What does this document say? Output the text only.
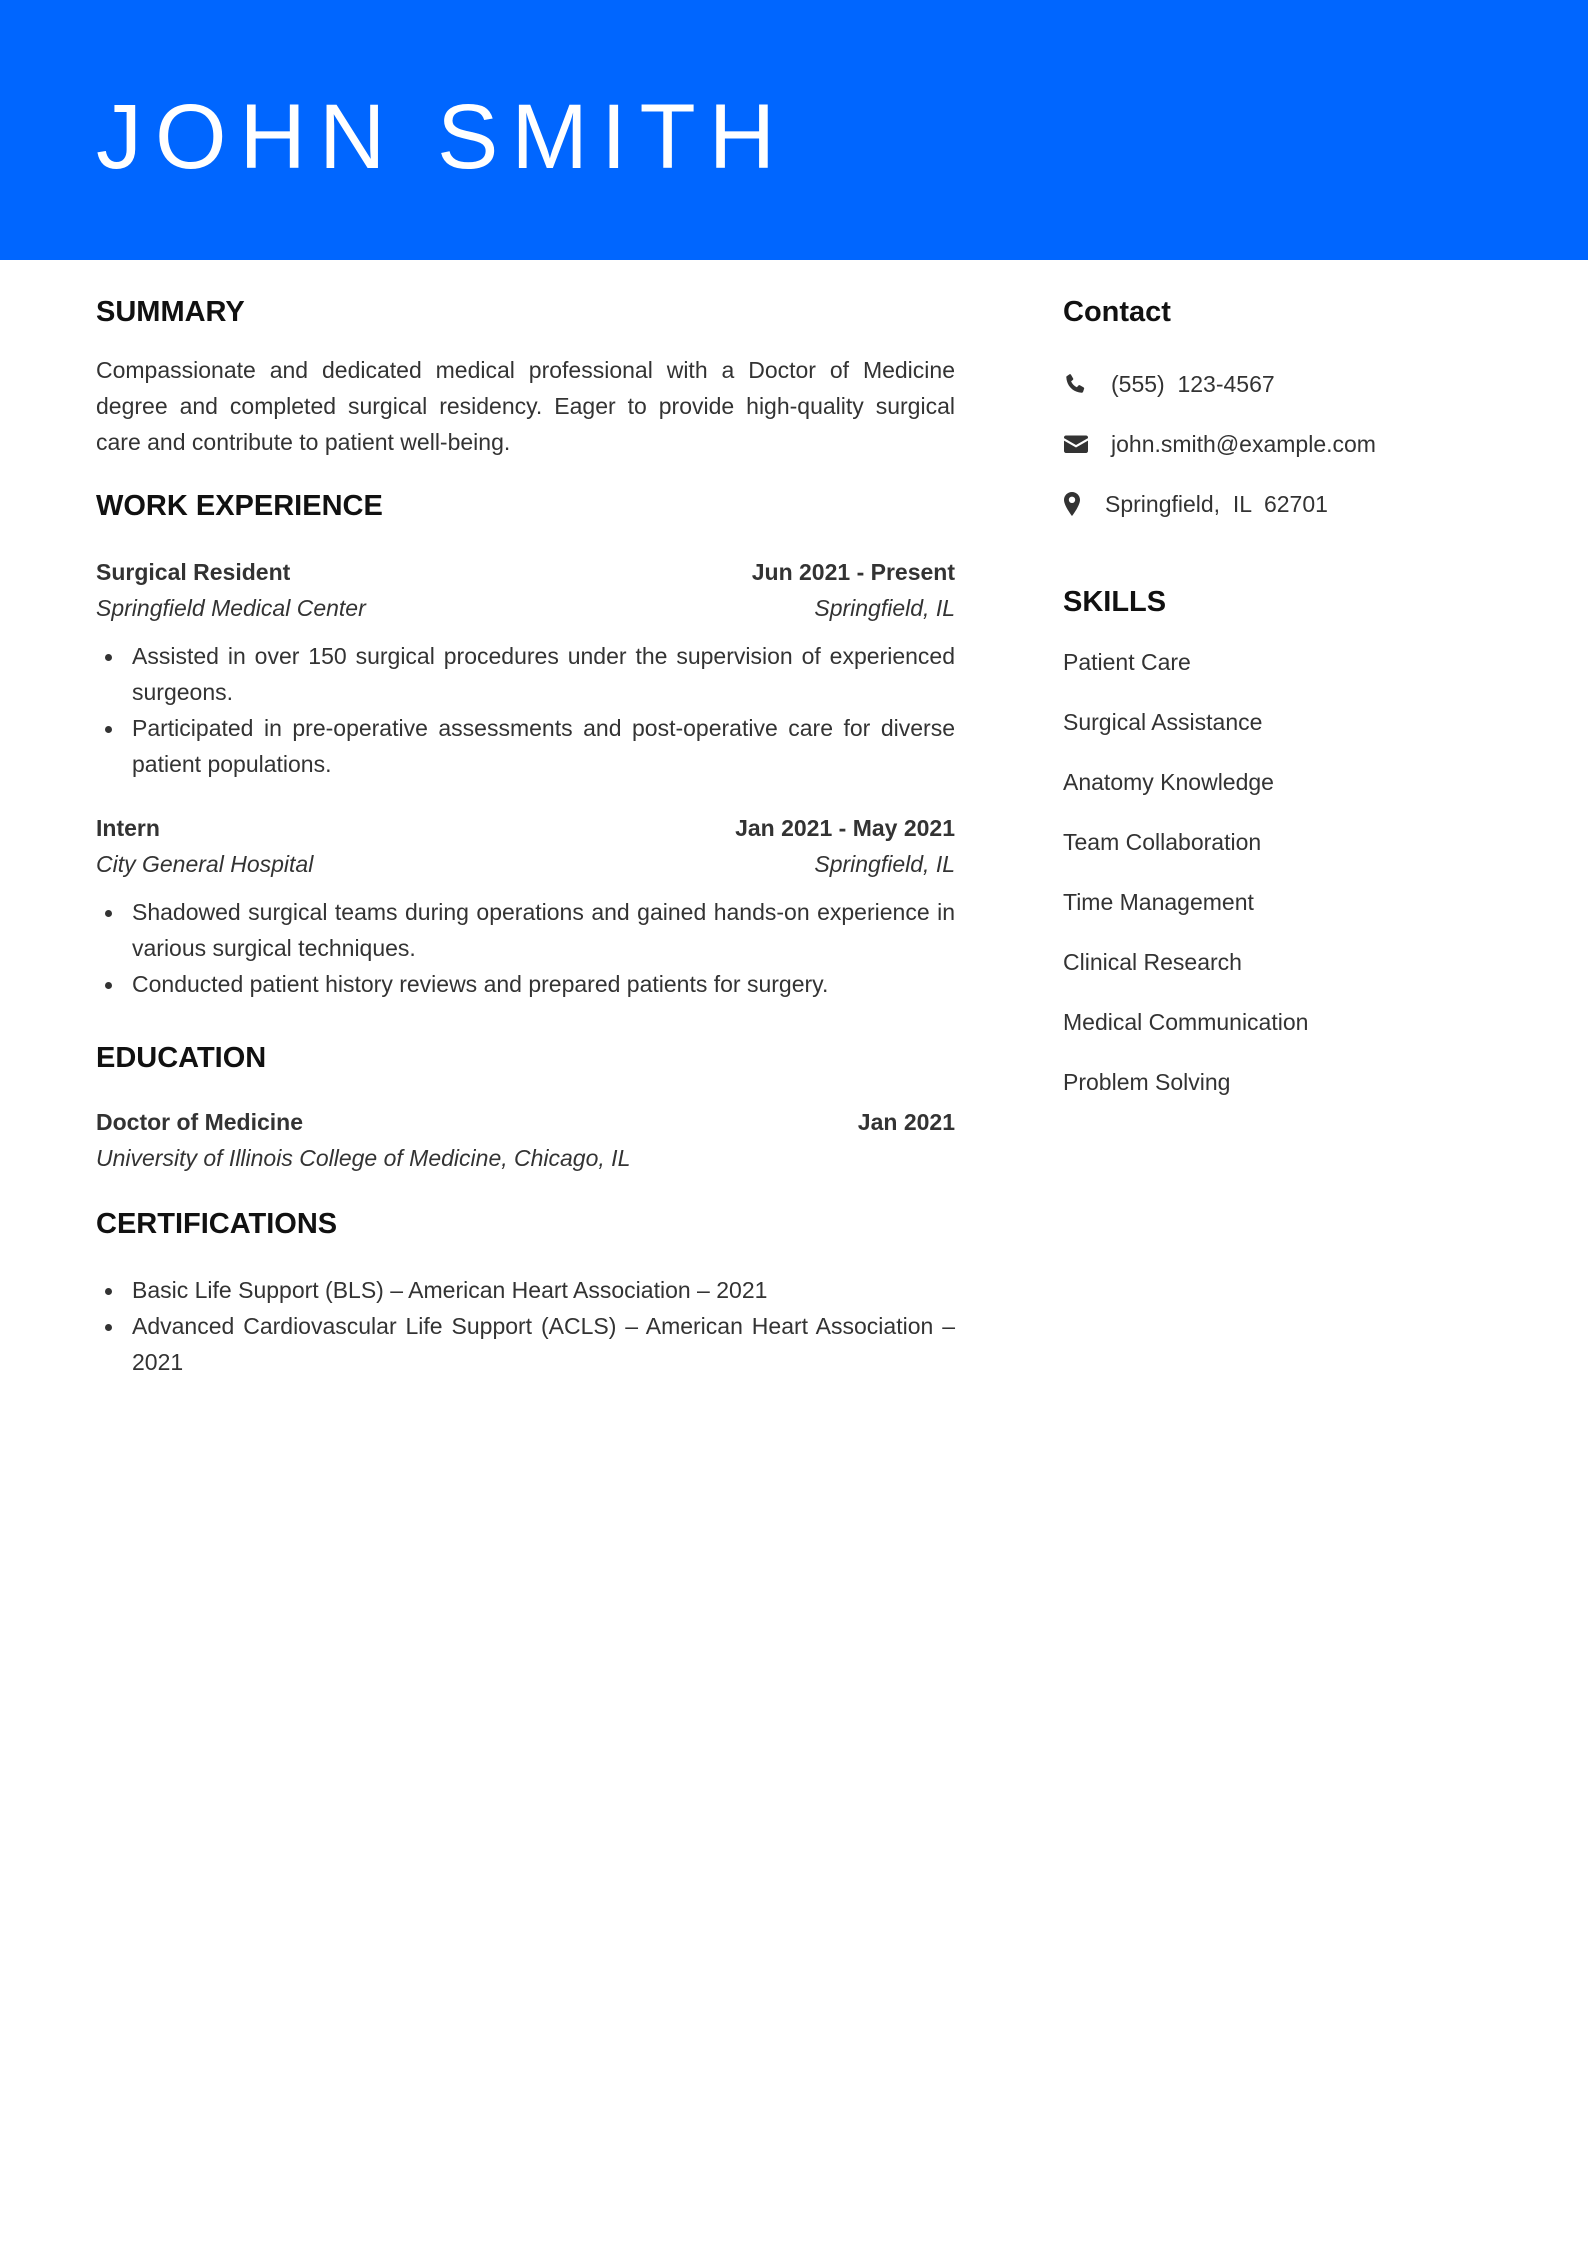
JOHN SMITH
SUMMARY

Compassionate and dedicated medical professional with a Doctor of Medicine degree and completed surgical residency. Eager to provide high-quality surgical care and contribute to patient well-being.

WORK EXPERIENCE
Surgical Resident	Jun 2021 - Present
Springfield Medical Center	Springfield, IL
Assisted in over 150 surgical procedures under the supervision of experienced surgeons.
Participated in pre-operative assessments and post-operative care for diverse patient populations.
Intern	Jan 2021 - May 2021
City General Hospital	Springfield, IL
Shadowed surgical teams during operations and gained hands-on experience in various surgical techniques.
Conducted patient history reviews and prepared patients for surgery.
EDUCATION
Doctor of Medicine	Jan 2021
University of Illinois College of Medicine, Chicago, IL
CERTIFICATIONS
Basic Life Support (BLS) – American Heart Association – 2021
Advanced Cardiovascular Life Support (ACLS) – American Heart Association – 2021
Contact
(555)  123-4567
john.smith@example.com
Springfield,  IL  62701
SKILLS
Patient Care
Surgical Assistance
Anatomy Knowledge
Team Collaboration
Time Management
Clinical Research
Medical Communication
Problem Solving
